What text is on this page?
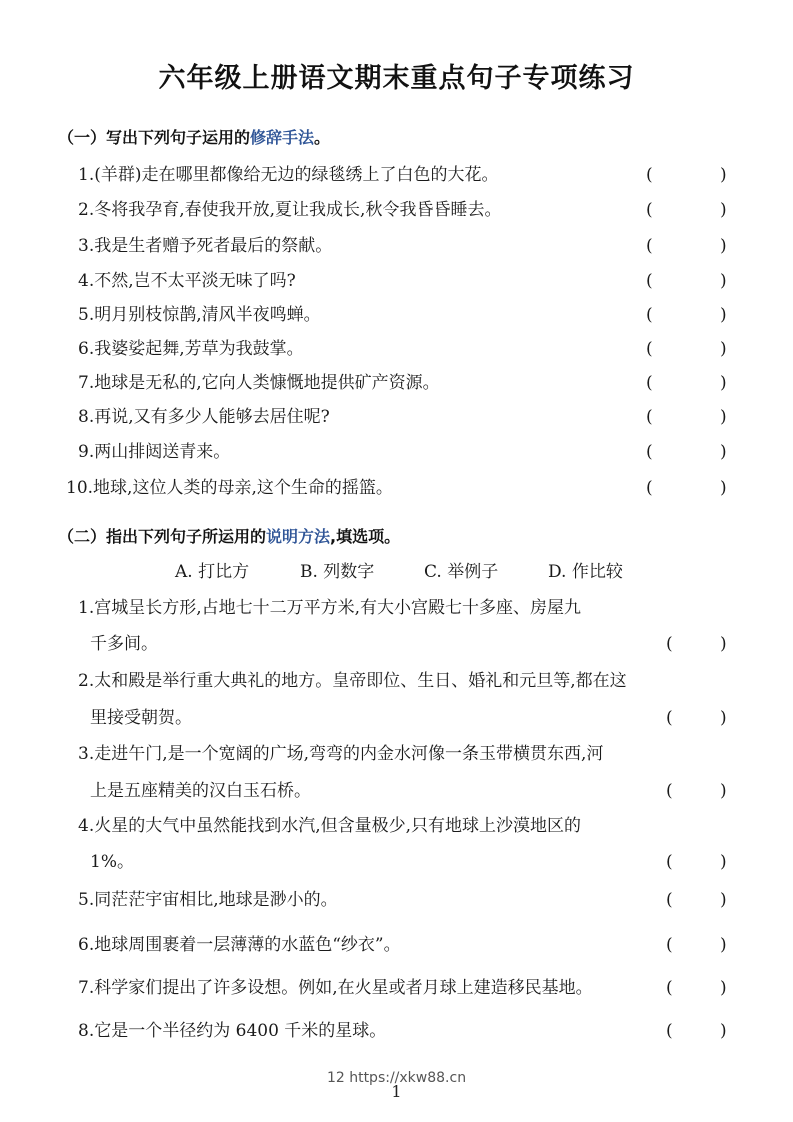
六年级上册语文期末重点句子专项练习
（一）写出下列句子运用的修辞手法。
1.(羊群)走在哪里都像给无边的绿毯绣上了白色的大花。	(	)
2.冬将我孕育,春使我开放,夏让我成长,秋令我昏昏睡去。	(	)
3.我是生者赠予死者最后的祭献。	(	)
4.不然,岂不太平淡无味了吗?	(	)
5.明月别枝惊鹊,清风半夜鸣蝉。	(	)
6.我婆娑起舞,芳草为我鼓掌。	(	)
7.地球是无私的,它向人类慷慨地提供矿产资源。	(	)
8.再说,又有多少人能够去居住呢?	(	)
9.两山排闼送青来。	(	)
10.地球,这位人类的母亲,这个生命的摇篮。	(	)
（二）指出下列句子所运用的说明方法,填选项。
A. 打比方	B. 列数字	C. 举例子	D. 作比较
1.宫城呈长方形,占地七十二万平方米,有大小宫殿七十多座、房屋九
千多间。	(	)
2.太和殿是举行重大典礼的地方。皇帝即位、生日、婚礼和元旦等,都在这
里接受朝贺。	(	)
3.走进午门,是一个宽阔的广场,弯弯的内金水河像一条玉带横贯东西,河
上是五座精美的汉白玉石桥。	(	)
4.火星的大气中虽然能找到水汽,但含量极少,只有地球上沙漠地区的
1%。	(	)
5.同茫茫宇宙相比,地球是渺小的。	(	)
6.地球周围裹着一层薄薄的水蓝色“纱衣”。	(	)
7.科学家们提出了许多设想。例如,在火星或者月球上建造移民基地。	(	)
8.它是一个半径约为 6400 千米的星球。	(	)
12 https://xkw88.cn
1
